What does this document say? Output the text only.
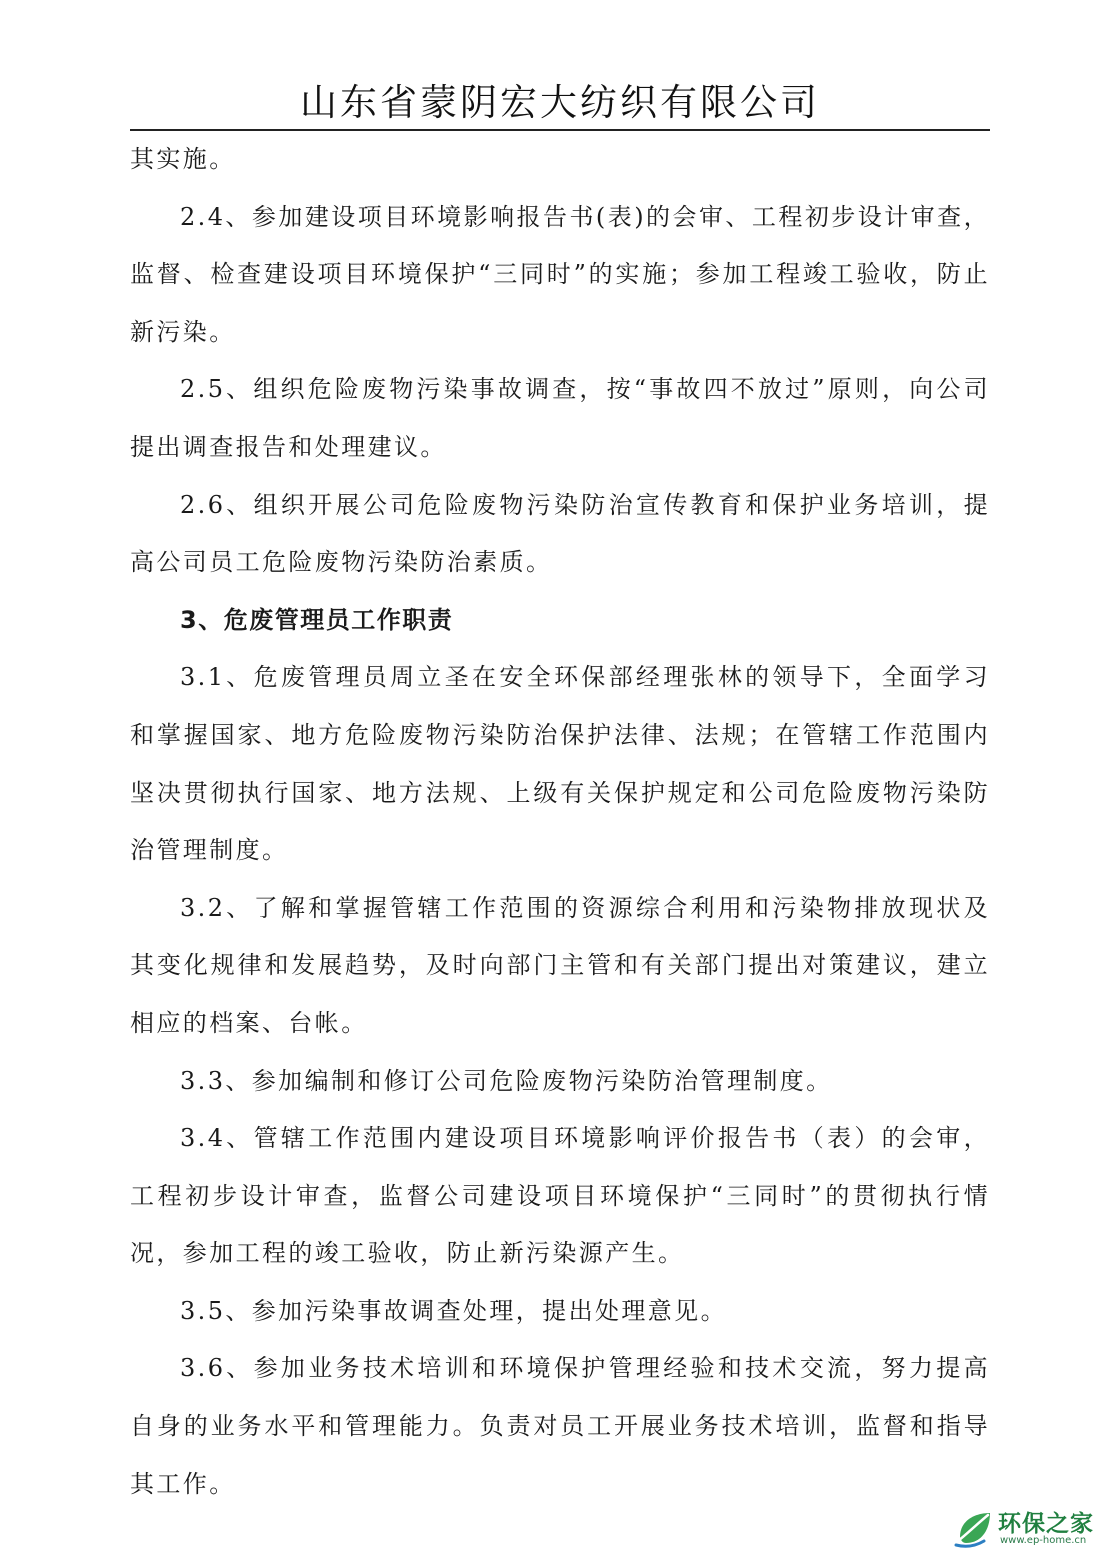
山东省蒙阴宏大纺织有限公司

其实施。

2.4、参加建设项目环境影响报告书(表)的会审、工程初步设计审查，监督、检查建设项目环境保护“三同时”的实施；参加工程竣工验收，防止新污染。

2.5、组织危险废物污染事故调查，按“事故四不放过”原则，向公司提出调查报告和处理建议。

2.6、组织开展公司危险废物污染防治宣传教育和保护业务培训，提高公司员工危险废物污染防治素质。

3、危废管理员工作职责

3.1、危废管理员周立圣在安全环保部经理张林的领导下，全面学习和掌握国家、地方危险废物污染防治保护法律、法规；在管辖工作范围内坚决贯彻执行国家、地方法规、上级有关保护规定和公司危险废物污染防治管理制度。

3.2、了解和掌握管辖工作范围的资源综合利用和污染物排放现状及其变化规律和发展趋势，及时向部门主管和有关部门提出对策建议，建立相应的档案、台帐。

3.3、参加编制和修订公司危险废物污染防治管理制度。

3.4、管辖工作范围内建设项目环境影响评价报告书（表）的会审，工程初步设计审查，监督公司建设项目环境保护“三同时”的贯彻执行情况，参加工程的竣工验收，防止新污染源产生。

3.5、参加污染事故调查处理，提出处理意见。

3.6、参加业务技术培训和环境保护管理经验和技术交流，努力提高自身的业务水平和管理能力。负责对员工开展业务技术培训，监督和指导其工作。

环保之家
www.ep-home.cn
